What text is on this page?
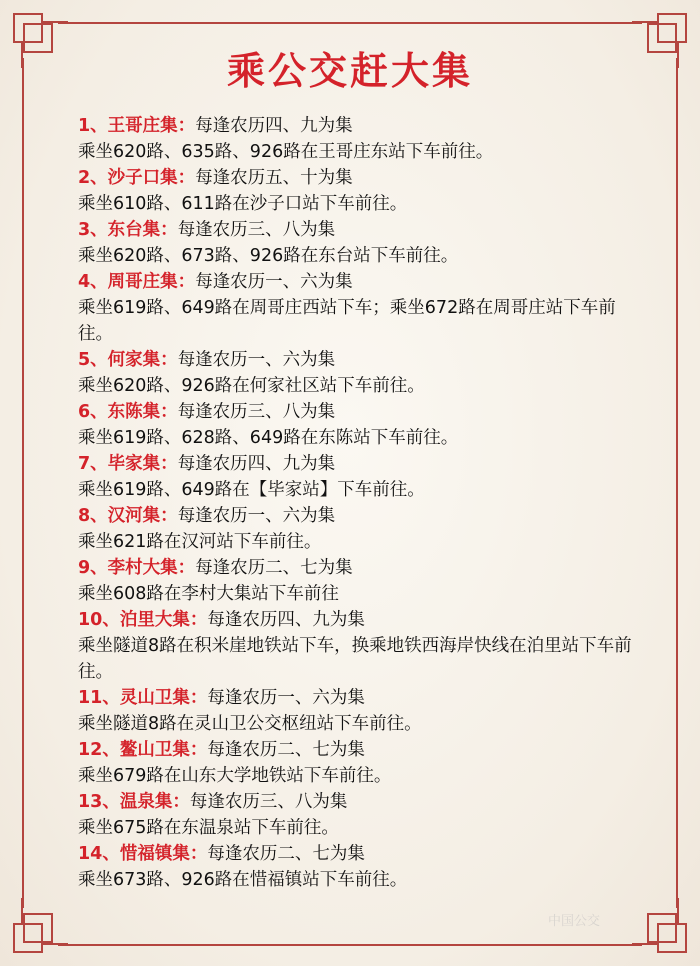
乘公交赶大集
1、王哥庄集：每逢农历四、九为集
乘坐620路、635路、926路在王哥庄东站下车前往。
2、沙子口集：每逢农历五、十为集
乘坐610路、611路在沙子口站下车前往。
3、东台集：每逢农历三、八为集
乘坐620路、673路、926路在东台站下车前往。
4、周哥庄集：每逢农历一、六为集
乘坐619路、649路在周哥庄西站下车；乘坐672路在周哥庄站下车前往。
5、何家集：每逢农历一、六为集
乘坐620路、926路在何家社区站下车前往。
6、东陈集：每逢农历三、八为集
乘坐619路、628路、649路在东陈站下车前往。
7、毕家集：每逢农历四、九为集
乘坐619路、649路在【毕家站】下车前往。
8、汉河集：每逢农历一、六为集
乘坐621路在汉河站下车前往。
9、李村大集：每逢农历二、七为集
乘坐608路在李村大集站下车前往
10、泊里大集：每逢农历四、九为集
乘坐隧道8路在积米崖地铁站下车，换乘地铁西海岸快线在泊里站下车前往。
11、灵山卫集：每逢农历一、六为集
乘坐隧道8路在灵山卫公交枢纽站下车前往。
12、鳌山卫集：每逢农历二、七为集
乘坐679路在山东大学地铁站下车前往。
13、温泉集：每逢农历三、八为集
乘坐675路在东温泉站下车前往。
14、惜福镇集：每逢农历二、七为集
乘坐673路、926路在惜福镇站下车前往。
中国公交
